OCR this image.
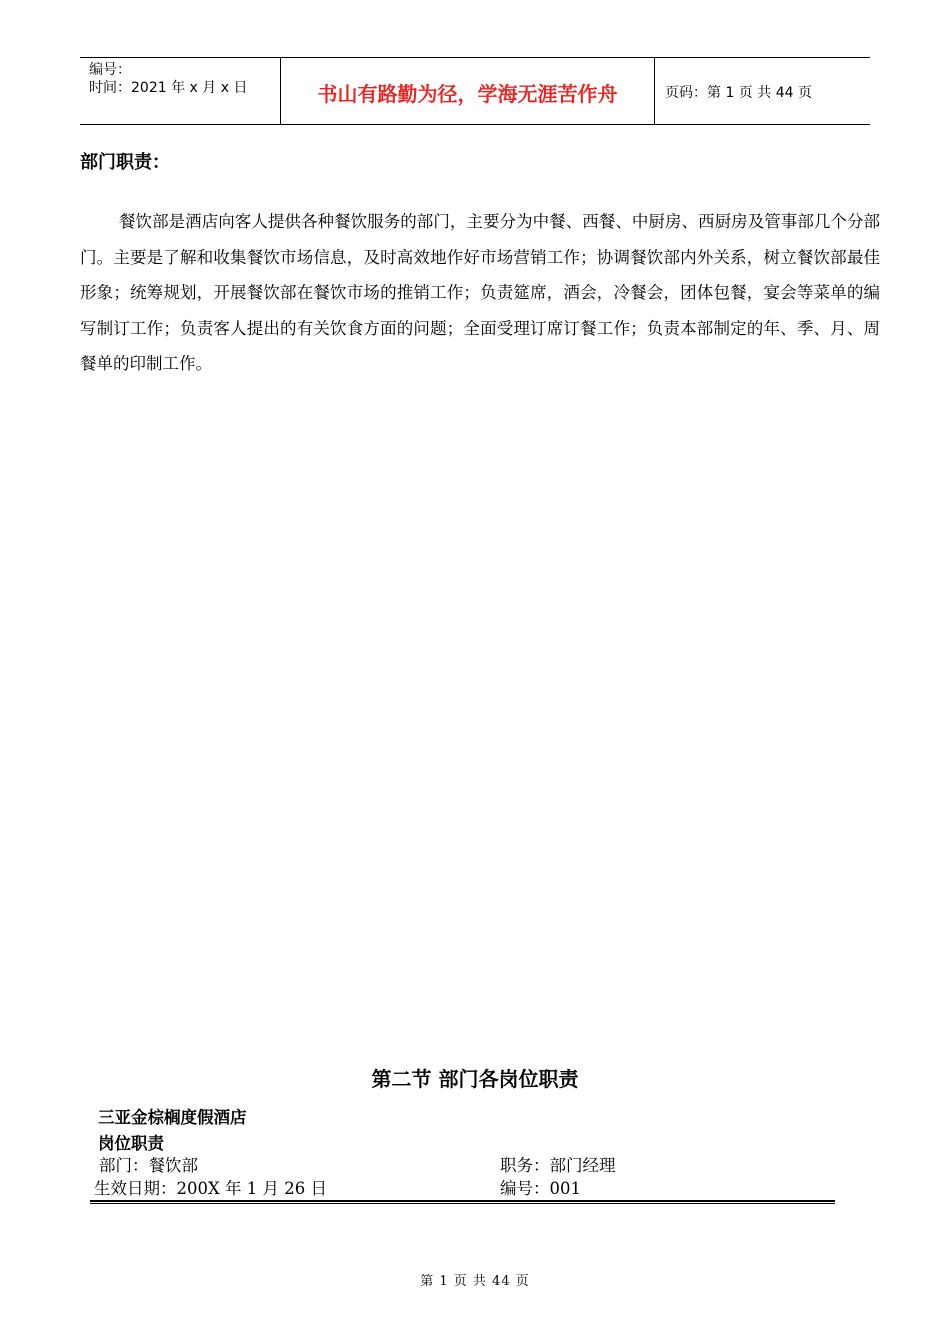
编号：
时间：2021 年 x 月 x 日	书山有路勤为径，学海无涯苦作舟	页码：第 1 页 共 44 页
部门职责：

餐饮部是酒店向客人提供各种餐饮服务的部门，主要分为中餐、西餐、中厨房、西厨房及管事部几个分部门。主要是了解和收集餐饮市场信息，及时高效地作好市场营销工作；协调餐饮部内外关系，树立餐饮部最佳形象；统筹规划，开展餐饮部在餐饮市场的推销工作；负责筵席，酒会，冷餐会，团体包餐，宴会等菜单的编写制订工作；负责客人提出的有关饮食方面的问题；全面受理订席订餐工作；负责本部制定的年、季、月、周餐单的印制工作。

第二节 部门各岗位职责
三亚金棕榈度假酒店
岗位职责
部门：餐饮部	职务：部门经理
生效日期：200X 年 1 月 26 日	编号：001
第 1 页 共 44 页
